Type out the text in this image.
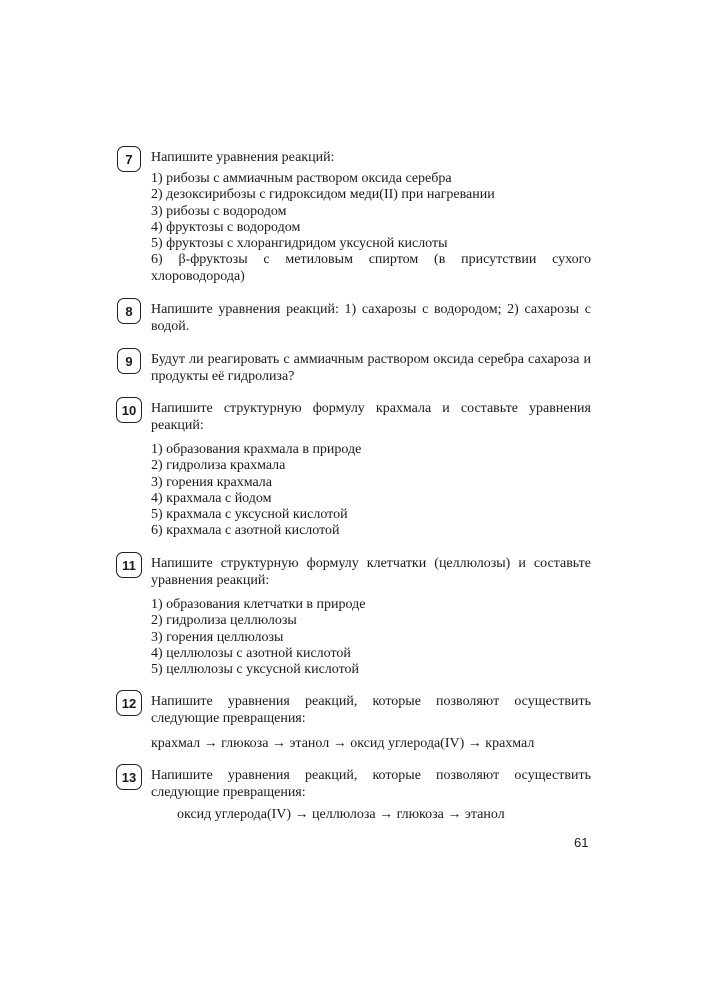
7	Напишите уравнения реакций:

1) рибозы с аммиачным раствором оксида серебра
2) дезоксирибозы с гидроксидом меди(II) при нагревании
3) рибозы с водородом
4) фруктозы с водородом
5) фруктозы с хлорангидридом уксусной кислоты
6) β-фруктозы с метиловым спиртом (в присутствии сухого хлороводорода)
8	Напишите уравнения реакций: 1) сахарозы с водородом; 2) сахарозы с водой.

9	Будут ли реагировать с аммиачным раствором оксида серебра сахароза и продукты её гидролиза?

10	Напишите структурную формулу крахмала и составьте уравнения реакций:

1) образования крахмала в природе
2) гидролиза крахмала
3) горения крахмала
4) крахмала с йодом
5) крахмала с уксусной кислотой
6) крахмала с азотной кислотой
11	Напишите структурную формулу клетчатки (целлюлозы) и составьте уравнения реакций:

1) образования клетчатки в природе
2) гидролиза целлюлозы
3) горения целлюлозы
4) целлюлозы с азотной кислотой
5) целлюлозы с уксусной кислотой
12	Напишите уравнения реакций, которые позволяют осуществить следующие превращения:

крахмал → глюкоза → этанол → оксид углерода(IV) → крахмал

13	Напишите уравнения реакций, которые позволяют осуществить следующие превращения:

оксид углерода(IV) → целлюлоза → глюкоза → этанол

61
